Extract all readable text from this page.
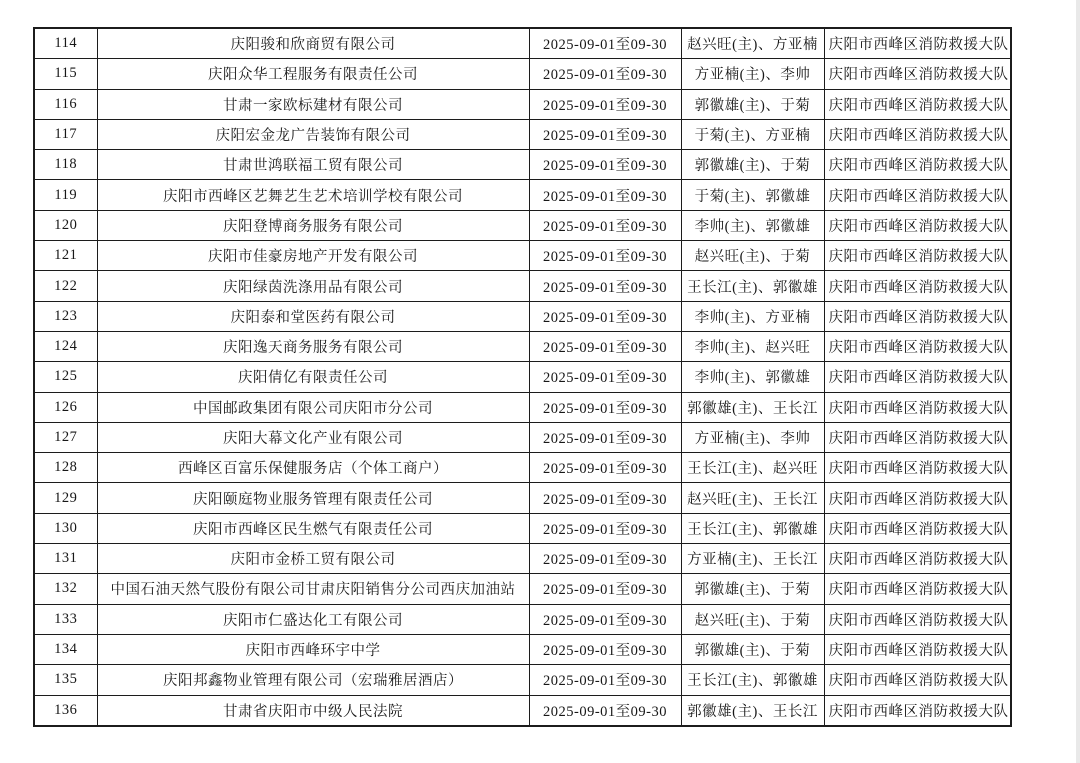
114	庆阳骏和欣商贸有限公司	2025-09-01至09-30	赵兴旺(主)、方亚楠	庆阳市西峰区消防救援大队
115	庆阳众华工程服务有限责任公司	2025-09-01至09-30	方亚楠(主)、李帅	庆阳市西峰区消防救援大队
116	甘肃一家欧标建材有限公司	2025-09-01至09-30	郭徽雄(主)、于菊	庆阳市西峰区消防救援大队
117	庆阳宏金龙广告装饰有限公司	2025-09-01至09-30	于菊(主)、方亚楠	庆阳市西峰区消防救援大队
118	甘肃世鸿联福工贸有限公司	2025-09-01至09-30	郭徽雄(主)、于菊	庆阳市西峰区消防救援大队
119	庆阳市西峰区艺舞艺生艺术培训学校有限公司	2025-09-01至09-30	于菊(主)、郭徽雄	庆阳市西峰区消防救援大队
120	庆阳登博商务服务有限公司	2025-09-01至09-30	李帅(主)、郭徽雄	庆阳市西峰区消防救援大队
121	庆阳市佳豪房地产开发有限公司	2025-09-01至09-30	赵兴旺(主)、于菊	庆阳市西峰区消防救援大队
122	庆阳绿茵洗涤用品有限公司	2025-09-01至09-30	王长江(主)、郭徽雄	庆阳市西峰区消防救援大队
123	庆阳泰和堂医药有限公司	2025-09-01至09-30	李帅(主)、方亚楠	庆阳市西峰区消防救援大队
124	庆阳逸天商务服务有限公司	2025-09-01至09-30	李帅(主)、赵兴旺	庆阳市西峰区消防救援大队
125	庆阳倩亿有限责任公司	2025-09-01至09-30	李帅(主)、郭徽雄	庆阳市西峰区消防救援大队
126	中国邮政集团有限公司庆阳市分公司	2025-09-01至09-30	郭徽雄(主)、王长江	庆阳市西峰区消防救援大队
127	庆阳大幕文化产业有限公司	2025-09-01至09-30	方亚楠(主)、李帅	庆阳市西峰区消防救援大队
128	西峰区百富乐保健服务店（个体工商户）	2025-09-01至09-30	王长江(主)、赵兴旺	庆阳市西峰区消防救援大队
129	庆阳颐庭物业服务管理有限责任公司	2025-09-01至09-30	赵兴旺(主)、王长江	庆阳市西峰区消防救援大队
130	庆阳市西峰区民生燃气有限责任公司	2025-09-01至09-30	王长江(主)、郭徽雄	庆阳市西峰区消防救援大队
131	庆阳市金桥工贸有限公司	2025-09-01至09-30	方亚楠(主)、王长江	庆阳市西峰区消防救援大队
132	中国石油天然气股份有限公司甘肃庆阳销售分公司西庆加油站	2025-09-01至09-30	郭徽雄(主)、于菊	庆阳市西峰区消防救援大队
133	庆阳市仁盛达化工有限公司	2025-09-01至09-30	赵兴旺(主)、于菊	庆阳市西峰区消防救援大队
134	庆阳市西峰环宇中学	2025-09-01至09-30	郭徽雄(主)、于菊	庆阳市西峰区消防救援大队
135	庆阳邦鑫物业管理有限公司（宏瑞雅居酒店）	2025-09-01至09-30	王长江(主)、郭徽雄	庆阳市西峰区消防救援大队
136	甘肃省庆阳市中级人民法院	2025-09-01至09-30	郭徽雄(主)、王长江	庆阳市西峰区消防救援大队
